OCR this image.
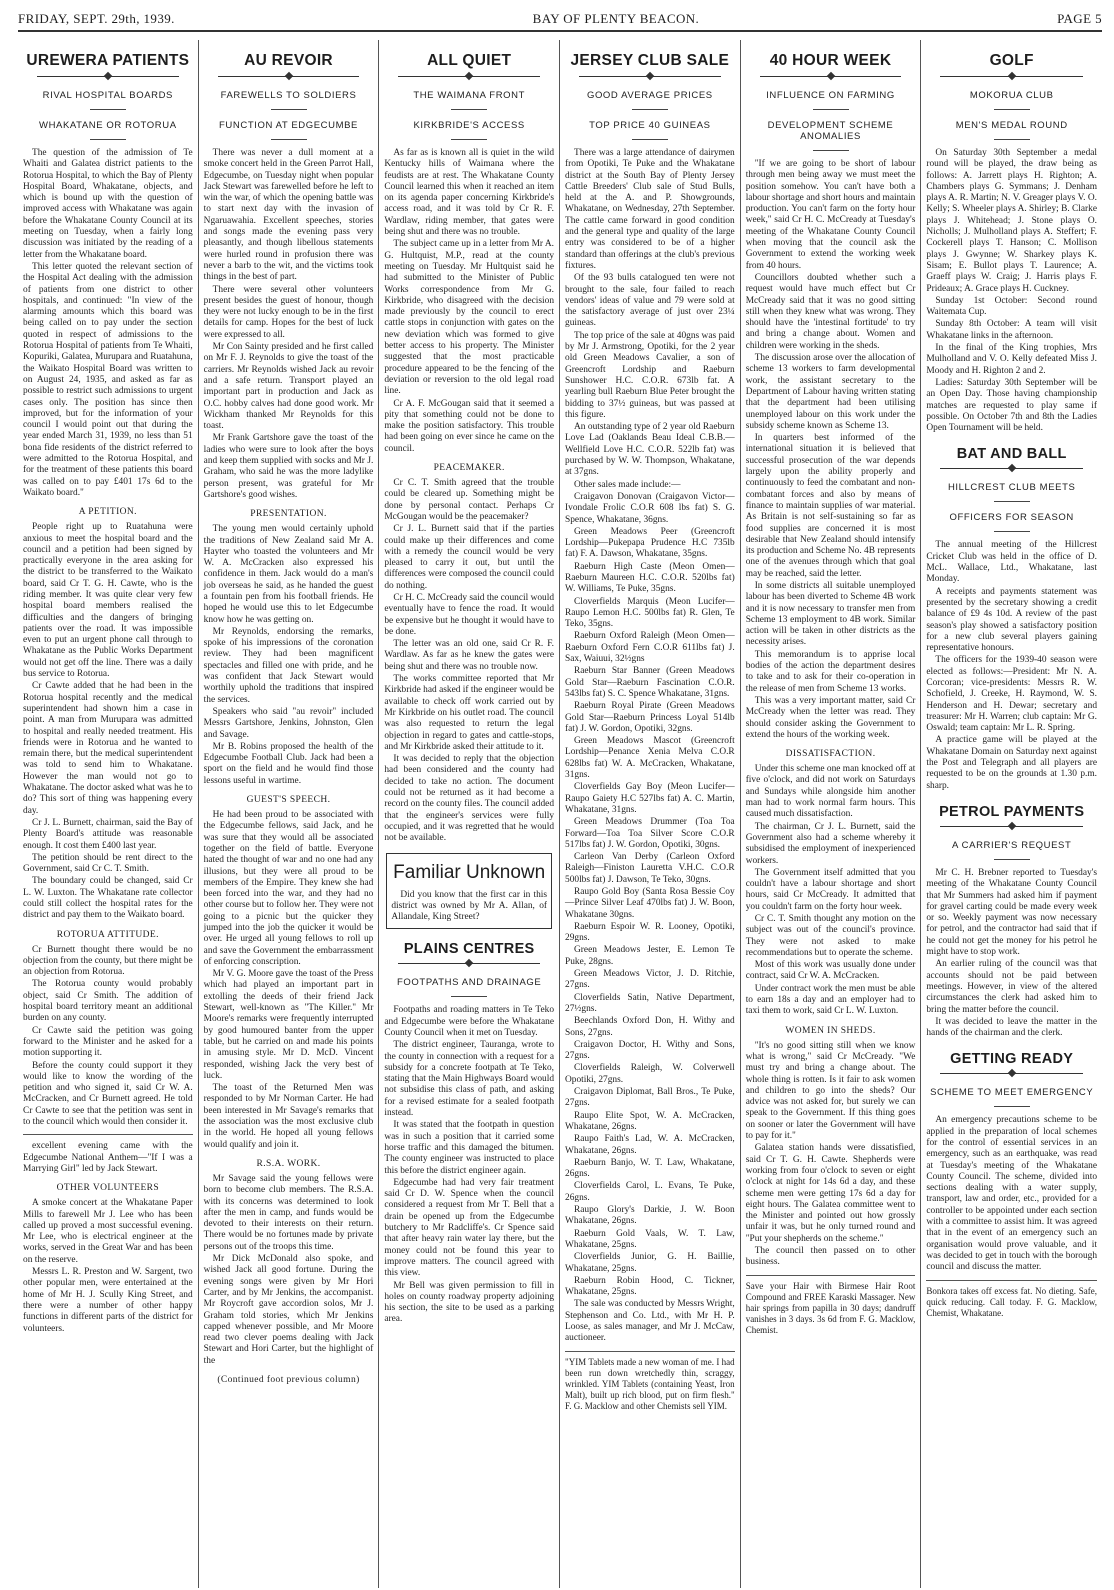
FRIDAY, SEPT. 29th, 1939.	BAY OF PLENTY BEACON.	PAGE 5
UREWERA PATIENTS
RIVAL HOSPITAL BOARDS
WHAKATANE OR ROTORUA

The question of the admission of Te Whaiti and Galatea district patients to the Rotorua Hospital, to which the Bay of Plenty Hospital Board, Whakatane, objects, and which is bound up with the question of improved access with Whakatane was again before the Whakatane County Council at its meeting on Tuesday, when a fairly long discussion was initiated by the reading of a letter from the Whakatane board.

This letter quoted the relevant section of the Hospital Act dealing with the admission of patients from one district to other hospitals, and continued: "In view of the alarming amounts which this board was being called on to pay under the section quoted in respect of admissions to the Rotorua Hospital of patients from Te Whaiti, Kopuriki, Galatea, Murupara and Ruatahuna, the Waikato Hospital Board was written to on August 24, 1935, and asked as far as possible to restrict such admissions to urgent cases only. The position has since then improved, but for the information of your council I would point out that during the year ended March 31, 1939, no less than 51 bona fide residents of the district referred to were admitted to the Rotorua Hospital, and for the treatment of these patients this board was called on to pay £401 17s 6d to the Waikato board."

A PETITION.

People right up to Ruatahuna were anxious to meet the hospital board and the council and a petition had been signed by practically everyone in the area asking for the district to be transferred to the Waikato board, said Cr T. G. H. Cawte, who is the riding member. It was quite clear very few hospital board members realised the difficulties and the dangers of bringing patients over the road. It was impossible even to put an urgent phone call through to Whakatane as the Public Works Department would not get off the line. There was a daily bus service to Rotorua.

Cr Cawte added that he had been in the Rotorua hospital recently and the medical superintendent had shown him a case in point. A man from Murupara was admitted to hospital and really needed treatment. His friends were in Rotorua and he wanted to remain there, but the medical superintendent was told to send him to Whakatane. However the man would not go to Whakatane. The doctor asked what was he to do? This sort of thing was happening every day.

Cr J. L. Burnett, chairman, said the Bay of Plenty Board's attitude was reasonable enough. It cost them £400 last year.

The petition should be rent direct to the Government, said Cr C. T. Smith.

The boundary could be changed, said Cr L. W. Luxton. The Whakatane rate collector could still collect the hospital rates for the district and pay them to the Waikato board.

ROTORUA ATTITUDE.

Cr Burnett thought there would be no objection from the county, but there might be an objection from Rotorua.

The Rotorua county would probably object, said Cr Smith. The addition of hospital board territory meant an additional burden on any county.

Cr Cawte said the petition was going forward to the Minister and he asked for a motion supporting it.

Before the county could support it they would like to know the wording of the petition and who signed it, said Cr W. A. McCracken, and Cr Burnett agreed. He told Cr Cawte to see that the petition was sent in to the council which would then consider it.

excellent evening came with the Edgecumbe National Anthem—"If I was a Marrying Girl" led by Jack Stewart.

OTHER VOLUNTEERS

A smoke concert at the Whakatane Paper Mills to farewell Mr J. Lee who has been called up proved a most successful evening. Mr Lee, who is electrical engineer at the works, served in the Great War and has been on the reserve.

Messrs L. R. Preston and W. Sargent, two other popular men, were entertained at the home of Mr H. J. Scully King Street, and there were a number of other happy functions in different parts of the district for volunteers.

AU REVOIR
FAREWELLS TO SOLDIERS
FUNCTION AT EDGECUMBE

There was never a dull moment at a smoke concert held in the Green Parrot Hall, Edgecumbe, on Tuesday night when popular Jack Stewart was farewelled before he left to win the war, of which the opening battle was to start next day with the invasion of Ngaruawahia. Excellent speeches, stories and songs made the evening pass very pleasantly, and though libellous statements were hurled round in profusion there was never a barb to the wit, and the victims took things in the best of part.

There were several other volunteers present besides the guest of honour, though they were not lucky enough to be in the first details for camp. Hopes for the best of luck were expressed to all.

Mr Con Sainty presided and he first called on Mr F. J. Reynolds to give the toast of the carriers. Mr Reynolds wished Jack au revoir and a safe return. Transport played an important part in production and Jack as O.C. hobby calves had done good work. Mr Wickham thanked Mr Reynolds for this toast.

Mr Frank Gartshore gave the toast of the ladies who were sure to look after the boys and keep them supplied with socks and Mr J. Graham, who said he was the more ladylike person present, was grateful for Mr Gartshore's good wishes.

PRESENTATION.

The young men would certainly uphold the traditions of New Zealand said Mr A. Hayter who toasted the volunteers and Mr W. A. McCracken also expressed his confidence in them. Jack would do a man's job overseas he said, as he handed the guest a fountain pen from his football friends. He hoped he would use this to let Edgecumbe know how he was getting on.

Mr Reynolds, endorsing the remarks, spoke of his impressions of the coronation review. They had been magnificent spectacles and filled one with pride, and he was confident that Jack Stewart would worthily uphold the traditions that inspired the services.

Speakers who said "au revoir" included Messrs Gartshore, Jenkins, Johnston, Glen and Savage.

Mr B. Robins proposed the health of the Edgecumbe Football Club. Jack had been a sport on the field and he would find those lessons useful in wartime.

GUEST'S SPEECH.

He had been proud to be associated with the Edgecumbe fellows, said Jack, and he was sure that they would all be associated together on the field of battle. Everyone hated the thought of war and no one had any illusions, but they were all proud to be members of the Empire. They knew she had been forced into the war, and they had no other course but to follow her. They were not going to a picnic but the quicker they jumped into the job the quicker it would be over. He urged all young fellows to roll up and save the Government the embarrassment of enforcing conscription.

Mr V. G. Moore gave the toast of the Press which had played an important part in extolling the deeds of their friend Jack Stewart, well-known as "The Killer." Mr Moore's remarks were frequently interrupted by good humoured banter from the upper table, but he carried on and made his points in amusing style. Mr D. McD. Vincent responded, wishing Jack the very best of luck.

The toast of the Returned Men was responded to by Mr Norman Carter. He had been interested in Mr Savage's remarks that the association was the most exclusive club in the world. He hoped all young fellows would qualify and join it.

R.S.A. WORK.

Mr Savage said the young fellows were born to become club members. The R.S.A. with its concerns was determined to look after the men in camp, and funds would be devoted to their interests on their return. There would be no fortunes made by private persons out of the troops this time.

Mr Dick McDonald also spoke, and wished Jack all good fortune. During the evening songs were given by Mr Hori Carter, and by Mr Jenkins, the accompanist. Mr Roycroft gave accordion solos, Mr J. Graham told stories, which Mr Jenkins capped whenever possible, and Mr Moore read two clever poems dealing with Jack Stewart and Hori Carter, but the highlight of the

(Continued foot previous column)

ALL QUIET
THE WAIMANA FRONT
KIRKBRIDE'S ACCESS

As far as is known all is quiet in the wild Kentucky hills of Waimana where the feudists are at rest. The Whakatane County Council learned this when it reached an item on its agenda paper concerning Kirkbride's access road, and it was told by Cr R. F. Wardlaw, riding member, that gates were being shut and there was no trouble.

The subject came up in a letter from Mr A. G. Hultquist, M.P., read at the county meeting on Tuesday. Mr Hultquist said he had submitted to the Minister of Public Works correspondence from Mr G. Kirkbride, who disagreed with the decision made previously by the council to erect cattle stops in conjunction with gates on the new deviation which was formed to give better access to his property. The Minister suggested that the most practicable procedure appeared to be the fencing of the deviation or reversion to the old legal road line.

Cr A. F. McGougan said that it seemed a pity that something could not be done to make the position satisfactory. This trouble had been going on ever since he came on the council.

PEACEMAKER.

Cr C. T. Smith agreed that the trouble could be cleared up. Something might be done by personal contact. Perhaps Cr McGougan would be the peacemaker?

Cr J. L. Burnett said that if the parties could make up their differences and come with a remedy the council would be very pleased to carry it out, but until the differences were composed the council could do nothing.

Cr H. C. McCready said the council would eventually have to fence the road. It would be expensive but he thought it would have to be done.

The letter was an old one, said Cr R. F. Wardlaw. As far as he knew the gates were being shut and there was no trouble now.

The works committee reported that Mr Kirkbride had asked if the engineer would be available to check off work carried out by Mr Kirkbride on his outlet road. The council was also requested to return the legal objection in regard to gates and cattle-stops, and Mr Kirkbride asked their attitude to it.

It was decided to reply that the objection had been considered and the county had decided to take no action. The document could not be returned as it had become a record on the county files. The council added that the engineer's services were fully occupied, and it was regretted that he would not be available.

Familiar Unknown

Did you know that the first car in this district was owned by Mr A. Allan, of Allandale, King Street?

PLAINS CENTRES
FOOTPATHS AND DRAINAGE

Footpaths and roading matters in Te Teko and Edgecumbe were before the Whakatane County Council when it met on Tuesday.

The district engineer, Tauranga, wrote to the county in connection with a request for a subsidy for a concrete footpath at Te Teko, stating that the Main Highways Board would not subsidise this class of path, and asking for a revised estimate for a sealed footpath instead.

It was stated that the footpath in question was in such a position that it carried some horse traffic and this damaged the bitumen. The county engineer was instructed to place this before the district engineer again.

Edgecumbe had had very fair treatment said Cr D. W. Spence when the council considered a request from Mr T. Bell that a drain be opened up from the Edgecumbe butchery to Mr Radcliffe's. Cr Spence said that after heavy rain water lay there, but the money could not be found this year to improve matters. The council agreed with this view.

Mr Bell was given permission to fill in holes on county roadway property adjoining his section, the site to be used as a parking area.

JERSEY CLUB SALE
GOOD AVERAGE PRICES
TOP PRICE 40 GUINEAS

There was a large attendance of dairymen from Opotiki, Te Puke and the Whakatane district at the South Bay of Plenty Jersey Cattle Breeders' Club sale of Stud Bulls, held at the A. and P. Showgrounds, Whakatane, on Wednesday, 27th September. The cattle came forward in good condition and the general type and quality of the large entry was considered to be of a higher standard than offerings at the club's previous fixtures.

Of the 93 bulls catalogued ten were not brought to the sale, four failed to reach vendors' ideas of value and 79 were sold at the satisfactory average of just over 23¼ guineas.

The top price of the sale at 40gns was paid by Mr J. Armstrong, Opotiki, for the 2 year old Green Meadows Cavalier, a son of Greencroft Lordship and Raeburn Sunshower H.C. C.O.R. 673lb fat. A yearling bull Raeburn Blue Peter brought the bidding to 37½ guineas, but was passed at this figure.

An outstanding type of 2 year old Raeburn Love Lad (Oaklands Beau Ideal C.B.B.—Wellfield Love H.C. C.O.R. 522lb fat) was purchased by W. W. Thompson, Whakatane, at 37gns.

Other sales made include:—

Craigavon Donovan (Craigavon Victor—Ivondale Frolic C.O.R 608 lbs fat) S. G. Spence, Whakatane, 36gns.

Green Meadows Peer (Greencroft Lordship—Pukepapa Prudence H.C 735lb fat) F. A. Dawson, Whakatane, 35gns.

Raeburn High Caste (Meon Omen—Raeburn Maureen H.C. C.O.R. 520lbs fat) W. Williams, Te Puke, 35gns.

Cloverfields Marquis (Meon Lucifer—Raupo Lemon H.C. 500lbs fat) R. Glen, Te Teko, 35gns.

Raeburn Oxford Raleigh (Meon Omen—Raeburn Oxford Fern C.O.R 611lbs fat) J. Sax, Waiuui, 32½gns

Raeburn Star Banner (Green Meadows Gold Star—Raeburn Fascination C.O.R. 543lbs fat) S. C. Spence Whakatane, 31gns.

Raeburn Royal Pirate (Green Meadows Gold Star—Raeburn Princess Loyal 514lb fat) J. W. Gordon, Opotiki, 32gns.

Green Meadows Mascot (Greencroft Lordship—Penance Xenia Melva C.O.R 628lbs fat) W. A. McCracken, Whakatane, 31gns.

Cloverfields Gay Boy (Meon Lucifer—Raupo Gaiety H.C 527lbs fat) A. C. Martin, Whakatane, 31gns.

Green Meadows Drummer (Toa Toa Forward—Toa Toa Silver Score C.O.R 517lbs fat) J. W. Gordon, Opotiki, 30gns.

Carleon Van Derby (Carleon Oxford Raleigh—Finiston Lauretta V.H.C. C.O.R 500lbs fat) J. Dawson, Te Teko, 30gns.

Raupo Gold Boy (Santa Rosa Bessie Coy—Prince Silver Leaf 470lbs fat) J. W. Boon, Whakatane 30gns.

Raeburn Espoir W. R. Looney, Opotiki, 29gns.

Green Meadows Jester, E. Lemon Te Puke, 28gns.

Green Meadows Victor, J. D. Ritchie, 27gns.

Cloverfields Satin, Native Department, 27½gns.

Beechlands Oxford Don, H. Withy and Sons, 27gns.

Craigavon Doctor, H. Withy and Sons, 27gns.

Cloverfields Raleigh, W. Colverwell Opotiki, 27gns.

Craigavon Diplomat, Ball Bros., Te Puke, 27gns.

Raupo Elite Spot, W. A. McCracken, Whakatane, 26gns.

Raupo Faith's Lad, W. A. McCracken, Whakatane, 26gns.

Raeburn Banjo, W. T. Law, Whakatane, 26gns.

Cloverfields Carol, L. Evans, Te Puke, 26gns.

Raupo Glory's Darkie, J. W. Boon Whakatane, 26gns.

Raeburn Gold Vaals, W. T. Law, Whakatane, 25gns.

Cloverfields Junior, G. H. Baillie, Whakatane, 25gns.

Raeburn Robin Hood, C. Tickner, Whakatane, 25gns.

The sale was conducted by Messrs Wright, Stephenson and Co. Ltd., with Mr H. P. Loose, as sales manager, and Mr J. McCaw, auctioneer.

"YIM Tablets made a new woman of me. I had been run down wretchedly thin, scraggy, wrinkled. YIM Tablets (containing Yeast, Iron Malt), built up rich blood, put on firm flesh." F. G. Macklow and other Chemists sell YIM.
40 HOUR WEEK
INFLUENCE ON FARMING
DEVELOPMENT SCHEME ANOMALIES

"If we are going to be short of labour through men being away we must meet the position somehow. You can't have both a labour shortage and short hours and maintain production. You can't farm on the forty hour week," said Cr H. C. McCready at Tuesday's meeting of the Whakatane County Council when moving that the council ask the Government to extend the working week from 40 hours.

Councillors doubted whether such a request would have much effect but Cr McCready said that it was no good sitting still when they knew what was wrong. They should have the 'intestinal fortitude' to try and bring a change about. Women and children were working in the sheds.

The discussion arose over the allocation of scheme 13 workers to farm developmental work, the assistant secretary to the Department of Labour having written stating that the department had been utilising unemployed labour on this work under the subsidy scheme known as Scheme 13.

In quarters best informed of the international situation it is believed that successful prosecution of the war depends largely upon the ability properly and continuously to feed the combatant and non-combatant forces and also by means of finance to maintain supplies of war material. As Britain is not self-sustaining so far as food supplies are concerned it is most desirable that New Zealand should intensify its production and Scheme No. 4B represents one of the avenues through which that goal may be reached, said the letter.

In some districts all suitable unemployed labour has been diverted to Scheme 4B work and it is now necessary to transfer men from Scheme 13 employment to 4B work. Similar action will be taken in other districts as the necessity arises.

This memorandum is to apprise local bodies of the action the department desires to take and to ask for their co-operation in the release of men from Scheme 13 works.

This was a very important matter, said Cr McCready when the letter was read. They should consider asking the Government to extend the hours of the working week.

DISSATISFACTION.

Under this scheme one man knocked off at five o'clock, and did not work on Saturdays and Sundays while alongside him another man had to work normal farm hours. This caused much dissatisfaction.

The chairman, Cr J. L. Burnett, said the Government also had a scheme whereby it subsidised the employment of inexperienced workers.

The Government itself admitted that you couldn't have a labour shortage and short hours, said Cr McCready. It admitted that you couldn't farm on the forty hour week.

Cr C. T. Smith thought any motion on the subject was out of the council's province. They were not asked to make recommendations but to operate the scheme.

Most of this work was usually done under contract, said Cr W. A. McCracken.

Under contract work the men must be able to earn 18s a day and an employer had to taxi them to work, said Cr L. W. Luxton.

WOMEN IN SHEDS.

"It's no good sitting still when we know what is wrong," said Cr McCready. "We must try and bring a change about. The whole thing is rotten. Is it fair to ask women and children to go into the sheds? Our advice was not asked for, but surely we can speak to the Government. If this thing goes on sooner or later the Government will have to pay for it."

Galatea station hands were dissatisfied, said Cr T. G. H. Cawte. Shepherds were working from four o'clock to seven or eight o'clock at night for 14s 6d a day, and these scheme men were getting 17s 6d a day for eight hours. The Galatea committee went to the Minister and pointed out how grossly unfair it was, but he only turned round and "Put your shepherds on the scheme."

The council then passed on to other business.

Save your Hair with Birmese Hair Root Compound and FREE Karaski Massager. New hair springs from papilla in 30 days; dandruff vanishes in 3 days. 3s 6d from F. G. Macklow, Chemist.
GOLF
MOKORUA CLUB
MEN'S MEDAL ROUND

On Saturday 30th September a medal round will be played, the draw being as follows: A. Jarrett plays H. Righton; A. Chambers plays G. Symmans; J. Denham plays A. R. Martin; N. V. Greager plays V. O. Kelly; S. Wheeler plays A. Shirley; B. Clarke plays J. Whitehead; J. Stone plays O. Nicholls; J. Mulholland plays A. Steffert; F. Cockerell plays T. Hanson; C. Mollison plays J. Gwynne; W. Sharkey plays K. Sisam; E. Bullot plays T. Laurence; A. Graeff plays W. Craig; J. Harris plays F. Prideaux; A. Grace plays H. Cuckney.

Sunday 1st October: Second round Waitemata Cup.

Sunday 8th October: A team will visit Whakatane links in the afternoon.

In the final of the King trophies, Mrs Mulholland and V. O. Kelly defeated Miss J. Moody and H. Righton 2 and 2.

Ladies: Saturday 30th September will be an Open Day. Those having championship matches are requested to play same if possible. On October 7th and 8th the Ladies Open Tournament will be held.

BAT AND BALL
HILLCREST CLUB MEETS
OFFICERS FOR SEASON

The annual meeting of the Hillcrest Cricket Club was held in the office of D. McL. Wallace, Ltd., Whakatane, last Monday.

A receipts and payments statement was presented by the secretary showing a credit balance of £9 4s 10d. A review of the past season's play showed a satisfactory position for a new club several players gaining representative honours.

The officers for the 1939-40 season were elected as follows:—President: Mr N. A. Corcoran; vice-presidents: Messrs R. W. Schofield, J. Creeke, H. Raymond, W. S. Henderson and H. Dewar; secretary and treasurer: Mr H. Warren; club captain: Mr G. Oswald; team captain: Mr L. R. Spring.

A practice game will be played at the Whakatane Domain on Saturday next against the Post and Telegraph and all players are requested to be on the grounds at 1.30 p.m. sharp.

PETROL PAYMENTS
A CARRIER'S REQUEST

Mr C. H. Brebner reported to Tuesday's meeting of the Whakatane County Council that Mr Summers had asked him if payment for gravel carting could be made every week or so. Weekly payment was now necessary for petrol, and the contractor had said that if he could not get the money for his petrol he might have to stop work.

An earlier ruling of the council was that accounts should not be paid between meetings. However, in view of the altered circumstances the clerk had asked him to bring the matter before the council.

It was decided to leave the matter in the hands of the chairman and the clerk.

GETTING READY
SCHEME TO MEET EMERGENCY

An emergency precautions scheme to be applied in the preparation of local schemes for the control of essential services in an emergency, such as an earthquake, was read at Tuesday's meeting of the Whakatane County Council. The scheme, divided into sections dealing with a water supply, transport, law and order, etc., provided for a controller to be appointed under each section with a committee to assist him. It was agreed that in the event of an emergency such an organisation would prove valuable, and it was decided to get in touch with the borough council and discuss the matter.

Bonkora takes off excess fat. No dieting. Safe, quick reducing. Call today. F. G. Macklow, Chemist, Whakatane.
